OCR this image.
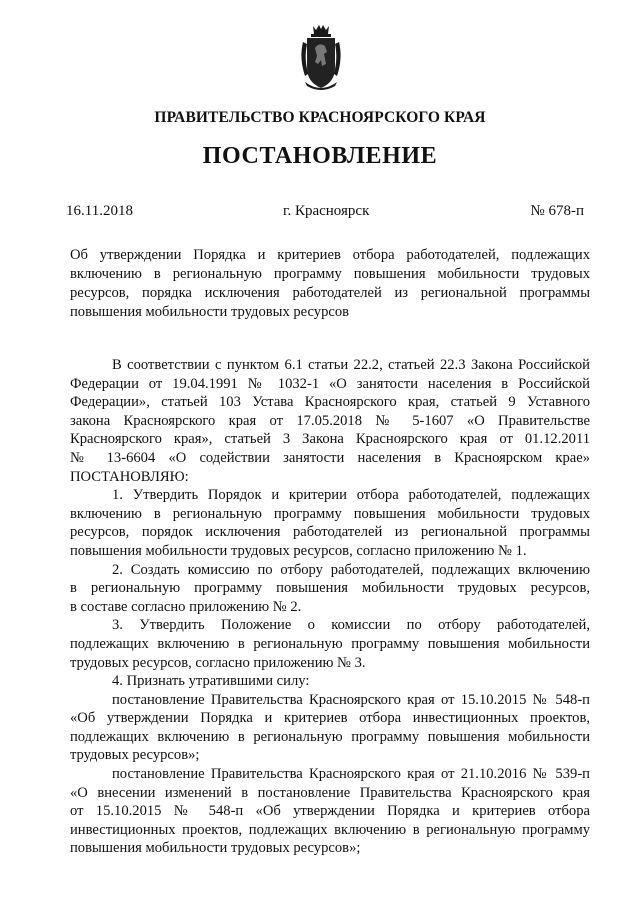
ПРАВИТЕЛЬСТВО КРАСНОЯРСКОГО КРАЯ
ПОСТАНОВЛЕНИЕ
16.11.2018	г. Красноярск	№ 678-п
Об утверждении Порядка и критериев отбора работодателей, подлежащих
включению в региональную программу повышения мобильности трудовых
ресурсов, порядка исключения работодателей из региональной программы
повышения мобильности трудовых ресурсов
В соответствии с пунктом 6.1 статьи 22.2, статьей 22.3 Закона Российской
Федерации от 19.04.1991 № 1032-1 «О занятости населения в Российской
Федерации», статьей 103 Устава Красноярского края, статьей 9 Уставного
закона Красноярского края от 17.05.2018 № 5-1607 «О Правительстве
Красноярского края», статьей 3 Закона Красноярского края от 01.12.2011
№ 13-6604 «О содействии занятости населения в Красноярском крае»
ПОСТАНОВЛЯЮ:
1. Утвердить Порядок и критерии отбора работодателей, подлежащих
включению в региональную программу повышения мобильности трудовых
ресурсов, порядок исключения работодателей из региональной программы
повышения мобильности трудовых ресурсов, согласно приложению № 1.
2. Создать комиссию по отбору работодателей, подлежащих включению
в региональную программу повышения мобильности трудовых ресурсов,
в составе согласно приложению № 2.
3. Утвердить Положение о комиссии по отбору работодателей,
подлежащих включению в региональную программу повышения мобильности
трудовых ресурсов, согласно приложению № 3.
4. Признать утратившими силу:
постановление Правительства Красноярского края от 15.10.2015 № 548-п
«Об утверждении Порядка и критериев отбора инвестиционных проектов,
подлежащих включению в региональную программу повышения мобильности
трудовых ресурсов»;
постановление Правительства Красноярского края от 21.10.2016 № 539-п
«О внесении изменений в постановление Правительства Красноярского края
от 15.10.2015 № 548-п «Об утверждении Порядка и критериев отбора
инвестиционных проектов, подлежащих включению в региональную программу
повышения мобильности трудовых ресурсов»;
